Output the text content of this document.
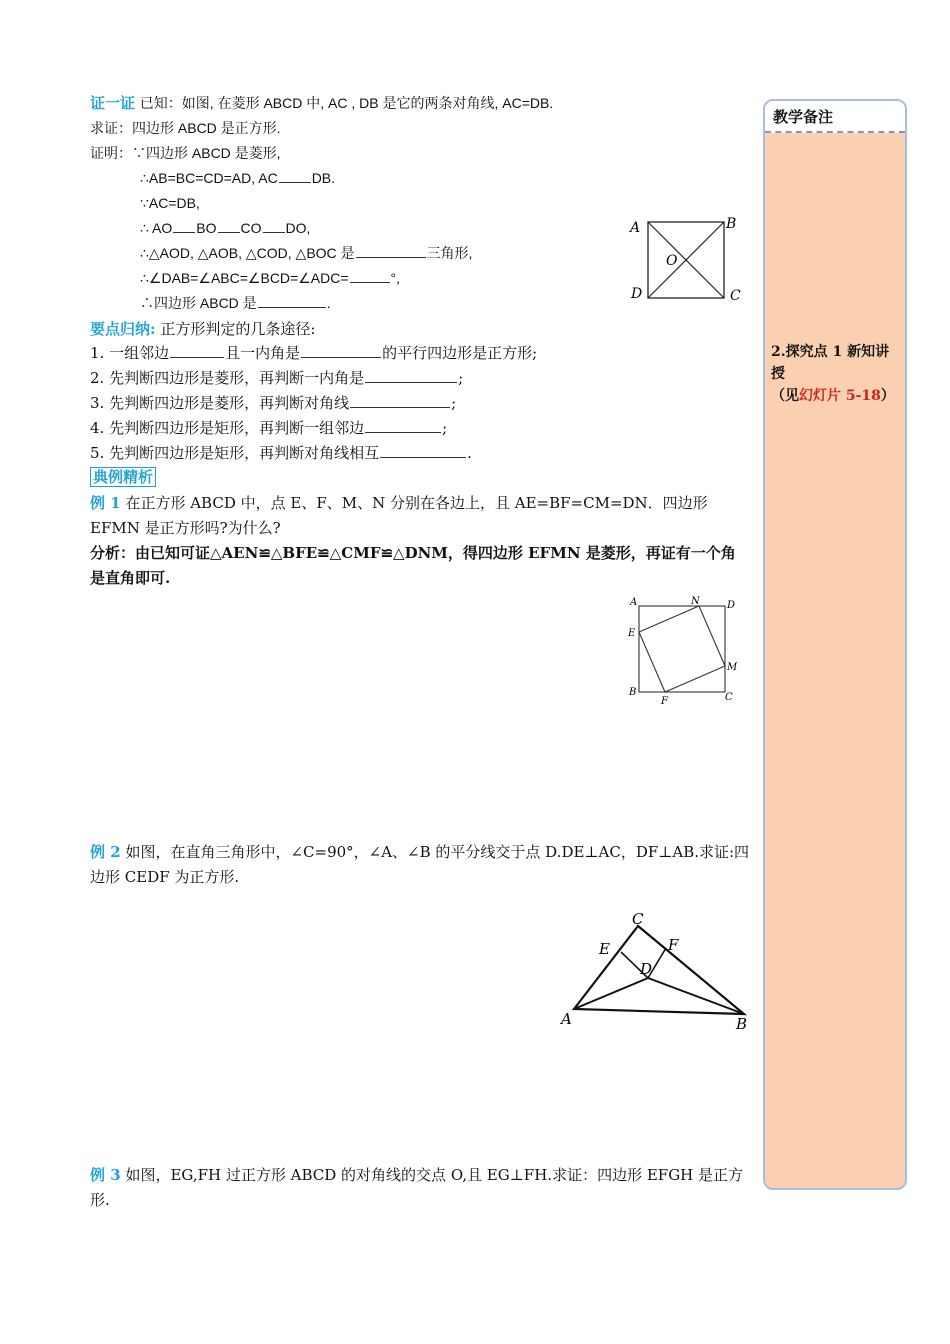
证一证 已知：如图, 在菱形 ABCD 中, AC , DB 是它的两条对角线, AC=DB.
求证：四边形 ABCD 是正方形.
证明：∵四边形 ABCD 是菱形,
∴AB=BC=CD=AD, AC DB.
∵AC=DB,
∴ AO BO CO DO,
∴△AOD, △AOB, △COD, △BOC 是	三角形,
∴∠DAB=∠ABC=∠BCD=∠ADC=	°,
∴四边形 ABCD 是	.
A	B
O
D	C
要点归纳: 正方形判定的几条途径:
1. 一组邻边	且一内角是	的平行四边形是正方形;
2. 先判断四边形是菱形，再判断一内角是	;
3. 先判断四边形是菱形，再判断对角线	;
4. 先判断四边形是矩形，再判断一组邻边	;
5. 先判断四边形是矩形，再判断对角线相互	.
典例精析
例 1 在正方形 ABCD 中，点 E、F、M、N 分别在各边上，且 AE=BF=CM=DN．四边形 EFMN 是正方形吗?为什么?
分析：由已知可证△AEN≌△BFE≌△CMF≌△DNM，得四边形 EFMN 是菱形，再证有一个角是直角即可.
A	N	D
E
M
B
F	C
例 2 如图，在直角三角形中，∠C=90°，∠A、∠B 的平分线交于点 D.DE⊥AC，DF⊥AB.求证:四边形 CEDF 为正方形.
C
E	F
D
A	B
例 3 如图，EG,FH 过正方形 ABCD 的对角线的交点 O,且 EG⊥FH.求证：四边形 EFGH 是正方形.
教学备注
2.探究点 1 新知讲授
（见幻灯片 5-18）
